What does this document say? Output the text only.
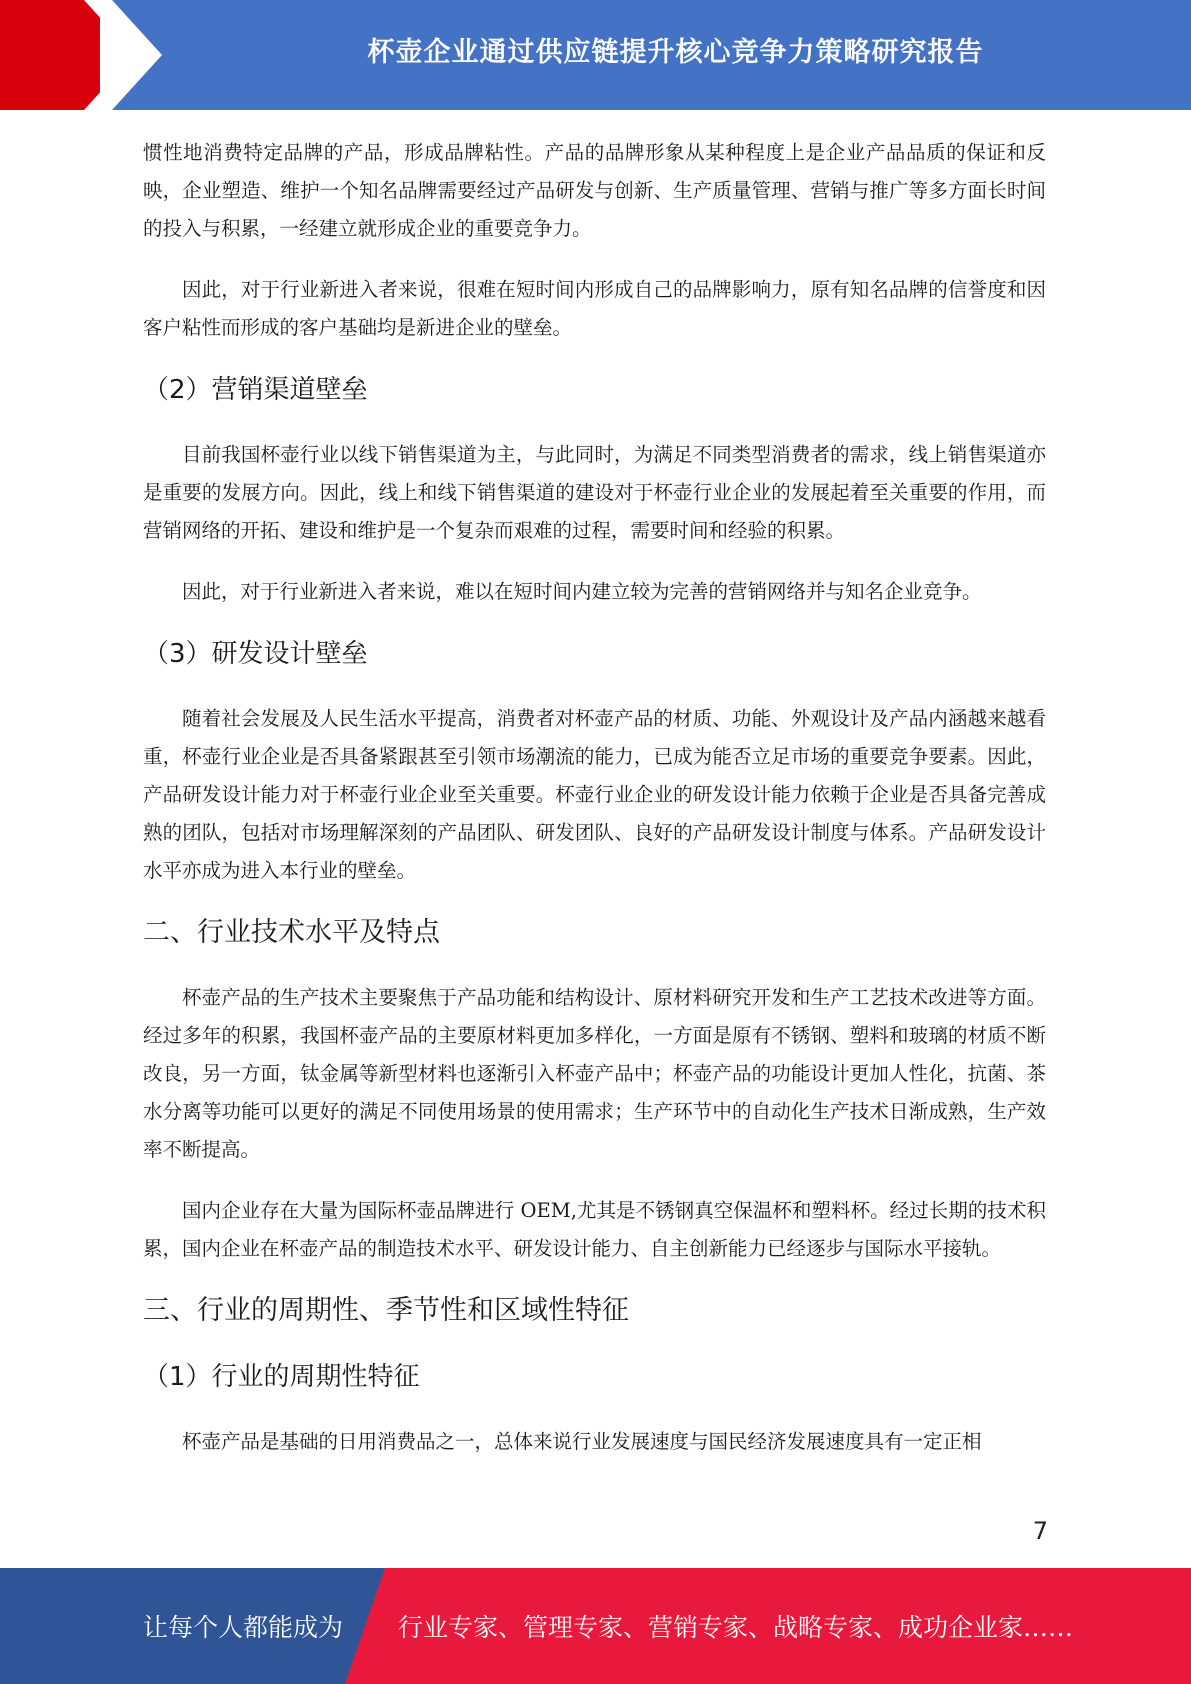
杯壶企业通过供应链提升核心竞争力策略研究报告

惯性地消费特定品牌的产品，形成品牌粘性。产品的品牌形象从某种程度上是企业产品品质的保证和反映，企业塑造、维护一个知名品牌需要经过产品研发与创新、生产质量管理、营销与推广等多方面长时间的投入与积累，一经建立就形成企业的重要竞争力。

因此，对于行业新进入者来说，很难在短时间内形成自己的品牌影响力，原有知名品牌的信誉度和因客户粘性而形成的客户基础均是新进企业的壁垒。

（2）营销渠道壁垒

目前我国杯壶行业以线下销售渠道为主，与此同时，为满足不同类型消费者的需求，线上销售渠道亦是重要的发展方向。因此，线上和线下销售渠道的建设对于杯壶行业企业的发展起着至关重要的作用，而营销网络的开拓、建设和维护是一个复杂而艰难的过程，需要时间和经验的积累。

因此，对于行业新进入者来说，难以在短时间内建立较为完善的营销网络并与知名企业竞争。

（3）研发设计壁垒

随着社会发展及人民生活水平提高，消费者对杯壶产品的材质、功能、外观设计及产品内涵越来越看重，杯壶行业企业是否具备紧跟甚至引领市场潮流的能力，已成为能否立足市场的重要竞争要素。因此，产品研发设计能力对于杯壶行业企业至关重要。杯壶行业企业的研发设计能力依赖于企业是否具备完善成熟的团队，包括对市场理解深刻的产品团队、研发团队、良好的产品研发设计制度与体系。产品研发设计水平亦成为进入本行业的壁垒。

二、行业技术水平及特点

杯壶产品的生产技术主要聚焦于产品功能和结构设计、原材料研究开发和生产工艺技术改进等方面。经过多年的积累，我国杯壶产品的主要原材料更加多样化，一方面是原有不锈钢、塑料和玻璃的材质不断改良，另一方面，钛金属等新型材料也逐渐引入杯壶产品中；杯壶产品的功能设计更加人性化，抗菌、茶水分离等功能可以更好的满足不同使用场景的使用需求；生产环节中的自动化生产技术日渐成熟，生产效率不断提高。

国内企业存在大量为国际杯壶品牌进行 OEM,尤其是不锈钢真空保温杯和塑料杯。经过长期的技术积累，国内企业在杯壶产品的制造技术水平、研发设计能力、自主创新能力已经逐步与国际水平接轨。

三、行业的周期性、季节性和区域性特征
（1）行业的周期性特征

杯壶产品是基础的日用消费品之一，总体来说行业发展速度与国民经济发展速度具有一定正相

7
让每个人都能成为 行业专家、管理专家、营销专家、战略专家、成功企业家……
